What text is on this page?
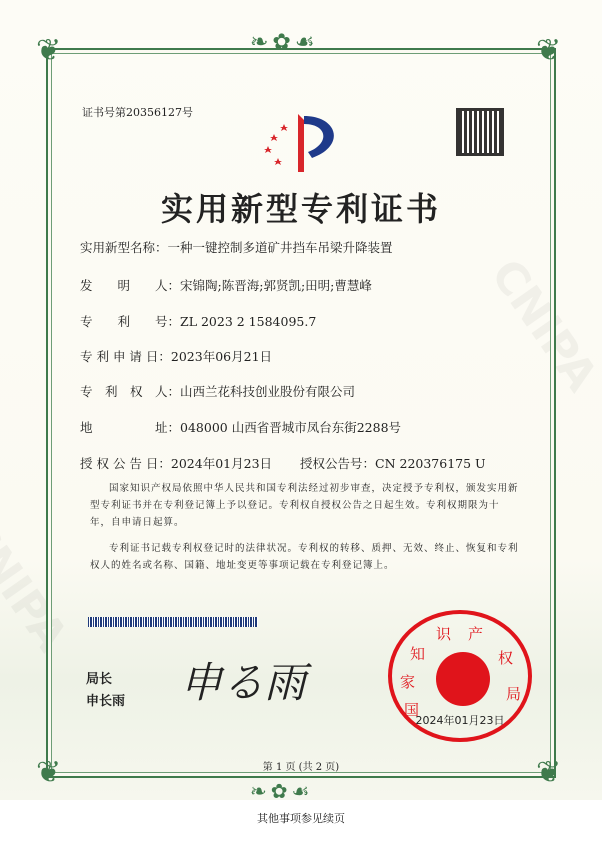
❦	❦
❦	❦
❧✿☙
❧✿☙
证书号第20356127号
实用新型专利证书
实用新型名称：一种一键控制多道矿井挡车吊梁升降装置
发　　明　　人：宋锦陶;陈晋海;郭贤凯;田明;曹慧峰
专　　利　　号：ZL 2023 2 1584095.7
专 利 申 请 日：2023年06月21日
专　利　权　人：山西兰花科技创业股份有限公司
地　　　　　址：048000 山西省晋城市凤台东街2288号
授 权 公 告 日：2024年01月23日 授权公告号：CN 220376175 U
国家知识产权局依照中华人民共和国专利法经过初步审查，决定授予专利权，颁发实用新型专利证书并在专利登记簿上予以登记。专利权自授权公告之日起生效。专利权期限为十年，自申请日起算。
专利证书记载专利权登记时的法律状况。专利权的转移、质押、无效、终止、恢复和专利权人的姓名或名称、国籍、地址变更等事项记载在专利登记簿上。
局长
申长雨 申る雨
国
家
知
识 产
权
局
2024年01月23日
第 1 页 (共 2 页)
其他事项参见续页
